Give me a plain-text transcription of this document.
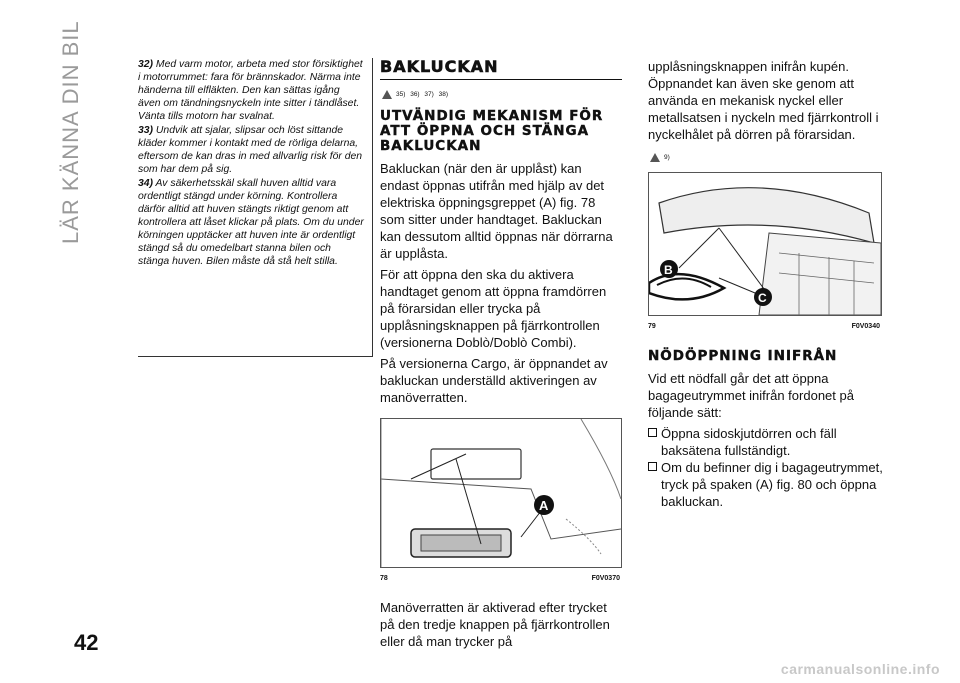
LÄR KÄNNA DIN BIL
42

32) Med varm motor, arbeta med stor försiktighet i motorrummet: fara för brännskador. Närma inte händerna till elfläkten. Den kan sättas igång även om tändningsnyckeln inte sitter i tändlåset. Vänta tills motorn har svalnat.

33) Undvik att sjalar, slipsar och löst sittande kläder kommer i kontakt med de rörliga delarna, eftersom de kan dras in med allvarlig risk för den som har dem på sig.

34) Av säkerhetsskäl skall huven alltid vara ordentligt stängd under körning. Kontrollera därför alltid att huven stängts riktigt genom att kontrollera att låset klickar på plats. Om du under körningen upptäcker att huven inte är ordentligt stängd så du omedelbart stanna bilen och stänga huven. Bilen måste då stå helt stilla.

BAKLUCKAN
35) 36) 37) 38)
UTVÄNDIG MEKANISM FÖR ATT ÖPPNA OCH STÄNGA BAKLUCKAN

Bakluckan (när den är upplåst) kan endast öppnas utifrån med hjälp av det elektriska öppningsgreppet (A) fig. 78 som sitter under handtaget. Bakluckan kan dessutom alltid öppnas när dörrarna är upplåsta.

För att öppna den ska du aktivera handtaget genom att öppna framdörren på förarsidan eller trycka på upplåsningsknappen på fjärrkontrollen (versionerna Doblò/Doblò Combi).

På versionerna Cargo, är öppnandet av bakluckan underställd aktiveringen av manöverratten.

A
78	F0V0370

Manöverratten är aktiverad efter trycket på den tredje knappen på fjärrkontrollen eller då man trycker på

upplåsningsknappen inifrån kupén. Öppnandet kan även ske genom att använda en mekanisk nyckel eller metallsatsen i nyckeln med fjärrkontroll i nyckelhålet på dörren på förarsidan.

9)
B
C
79	F0V0340
NÖDÖPPNING INIFRÅN

Vid ett nödfall går det att öppna bagageutrymmet inifrån fordonet på följande sätt:

Öppna sidoskjutdörren och fäll baksätena fullständigt.
Om du befinner dig i bagageutrymmet, tryck på spaken (A) fig. 80 och öppna bakluckan.
carmanualsonline.info
